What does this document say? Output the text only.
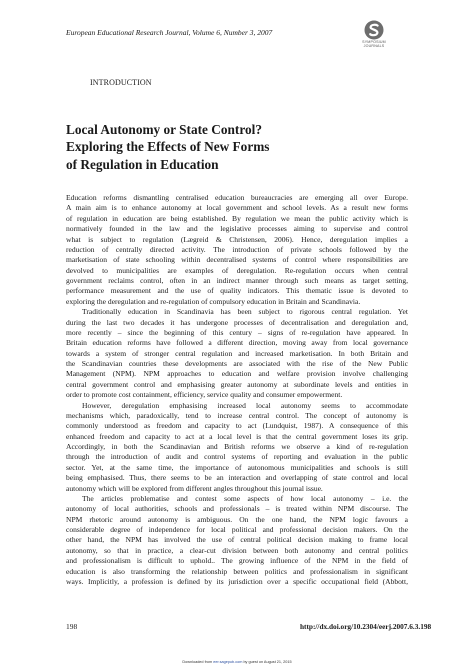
European Educational Research Journal, Volume 6, Number 3, 2007
SYMPOSIUM
JOURNALS
INTRODUCTION
Local Autonomy or State Control?
Exploring the Effects of New Forms
of Regulation in Education
Education reforms dismantling centralised education bureaucracies are emerging all over Europe.
A main aim is to enhance autonomy at local government and school levels. As a result new forms
of regulation in education are being established. By regulation we mean the public activity which is
normatively founded in the law and the legislative processes aiming to supervise and control
what is subject to regulation (Lægreid & Christensen, 2006). Hence, deregulation implies a
reduction of centrally directed activity. The introduction of private schools followed by the
marketisation of state schooling within decentralised systems of control where responsibilities are
devolved to municipalities are examples of deregulation. Re-regulation occurs when central
government reclaims control, often in an indirect manner through such means as target setting,
performance measurement and the use of quality indicators. This thematic issue is devoted to
exploring the deregulation and re-regulation of compulsory education in Britain and Scandinavia.
Traditionally education in Scandinavia has been subject to rigorous central regulation. Yet
during the last two decades it has undergone processes of decentralisation and deregulation and,
more recently – since the beginning of this century – signs of re-regulation have appeared. In
Britain education reforms have followed a different direction, moving away from local governance
towards a system of stronger central regulation and increased marketisation. In both Britain and
the Scandinavian countries these developments are associated with the rise of the New Public
Management (NPM). NPM approaches to education and welfare provision involve challenging
central government control and emphasising greater autonomy at subordinate levels and entities in
order to promote cost containment, efficiency, service quality and consumer empowerment.
However, deregulation emphasising increased local autonomy seems to accommodate
mechanisms which, paradoxically, tend to increase central control. The concept of autonomy is
commonly understood as freedom and capacity to act (Lundquist, 1987). A consequence of this
enhanced freedom and capacity to act at a local level is that the central government loses its grip.
Accordingly, in both the Scandinavian and British reforms we observe a kind of re-regulation
through the introduction of audit and control systems of reporting and evaluation in the public
sector. Yet, at the same time, the importance of autonomous municipalities and schools is still
being emphasised. Thus, there seems to be an interaction and overlapping of state control and local
autonomy which will be explored from different angles throughout this journal issue.
The articles problematise and contest some aspects of how local autonomy – i.e. the
autonomy of local authorities, schools and professionals – is treated within NPM discourse. The
NPM rhetoric around autonomy is ambiguous. On the one hand, the NPM logic favours a
considerable degree of independence for local political and professional decision makers. On the
other hand, the NPM has involved the use of central political decision making to frame local
autonomy, so that in practice, a clear-cut division between both autonomy and central politics
and professionalism is difficult to uphold.. The growing influence of the NPM in the field of
education is also transforming the relationship between politics and professionalism in significant
ways. Implicitly, a profession is defined by its jurisdiction over a specific occupational field (Abbott,
198	http://dx.doi.org/10.2304/eerj.2007.6.3.198
Downloaded from eer.sagepub.com by guest on August 21, 2015
